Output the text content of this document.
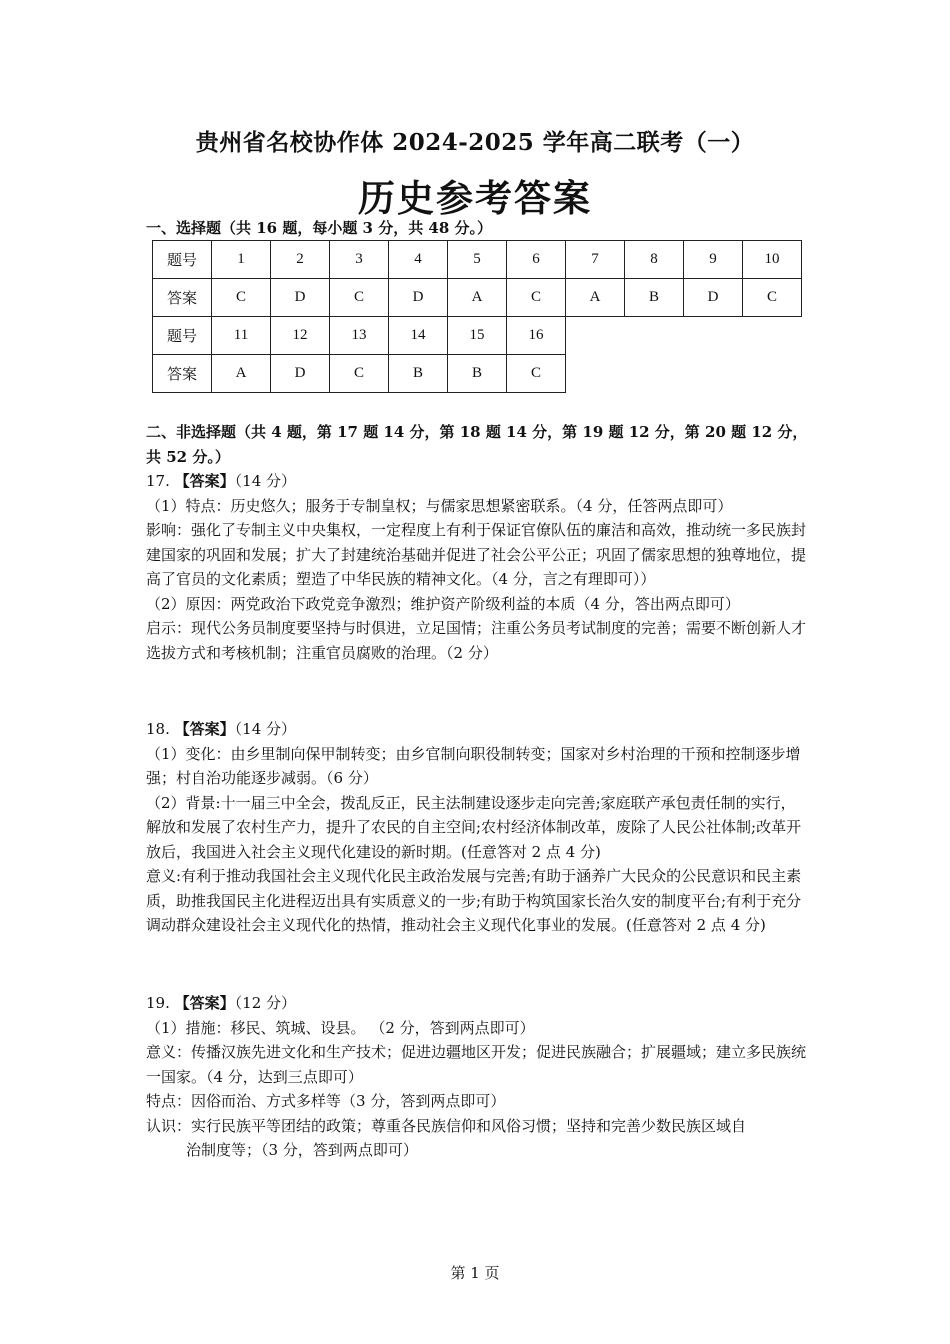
贵州省名校协作体 2024-2025 学年高二联考（一）
历史参考答案
一、选择题（共 16 题，每小题 3 分，共 48 分。）
题号	1	2	3	4	5	6	7	8	9	10
答案	C	D	C	D	A	C	A	B	D	C
题号	11	12	13	14	15	16				
答案	A	D	C	B	B	C				

二、非选择题（共 4 题，第 17 题 14 分，第 18 题 14 分，第 19 题 12 分，第 20 题 12 分，

共 52 分。）

17. 【答案】（14 分）

（1）特点：历史悠久；服务于专制皇权；与儒家思想紧密联系。（4 分，任答两点即可）

影响：强化了专制主义中央集权，一定程度上有利于保证官僚队伍的廉洁和高效，推动统一多民族封建国家的巩固和发展；扩大了封建统治基础并促进了社会公平公正；巩固了儒家思想的独尊地位，提高了官员的文化素质；塑造了中华民族的精神文化。（4 分，言之有理即可））

（2）原因：两党政治下政党竞争激烈；维护资产阶级利益的本质（4 分，答出两点即可）

启示：现代公务员制度要坚持与时俱进，立足国情；注重公务员考试制度的完善；需要不断创新人才选拔方式和考核机制；注重官员腐败的治理。（2 分）

18. 【答案】（14 分）

（1）变化：由乡里制向保甲制转变；由乡官制向职役制转变；国家对乡村治理的干预和控制逐步增强；村自治功能逐步减弱。（6 分）

（2）背景:十一届三中全会，拨乱反正，民主法制建设逐步走向完善;家庭联产承包责任制的实行，解放和发展了农村生产力，提升了农民的自主空间;农村经济体制改革，废除了人民公社体制;改革开放后，我国进入社会主义现代化建设的新时期。(任意答对 2 点 4 分)

意义:有利于推动我国社会主义现代化民主政治发展与完善;有助于涵养广大民众的公民意识和民主素质，助推我国民主化进程迈出具有实质意义的一步;有助于构筑国家长治久安的制度平台;有利于充分调动群众建设社会主义现代化的热情，推动社会主义现代化事业的发展。(任意答对 2 点 4 分)

19. 【答案】（12 分）

（1）措施：移民、筑城、设县。 （2 分，答到两点即可）

意义：传播汉族先进文化和生产技术；促进边疆地区开发；促进民族融合；扩展疆域；建立多民族统一国家。（4 分，达到三点即可）

特点：因俗而治、方式多样等（3 分，答到两点即可）

认识：实行民族平等团结的政策；尊重各民族信仰和风俗习惯；坚持和完善少数民族区域自

治制度等；（3 分，答到两点即可）

第 1 页
